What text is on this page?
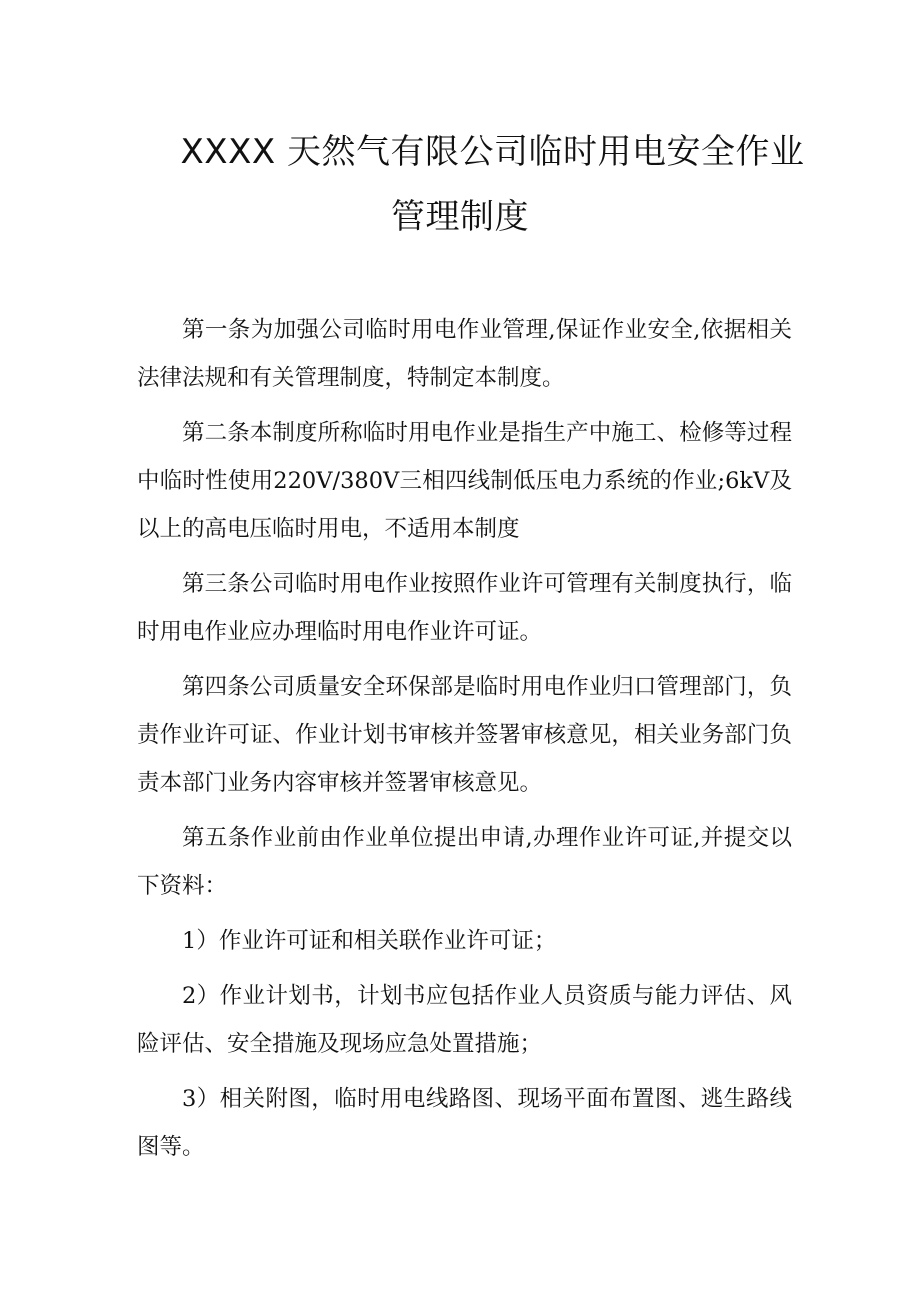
XXXX 天然气有限公司临时用电安全作业
管理制度

第一条为加强公司临时用电作业管理,保证作业安全,依据相关法律法规和有关管理制度，特制定本制度。

第二条本制度所称临时用电作业是指生产中施工、检修等过程中临时性使用220V/380V三相四线制低压电力系统的作业;6kV及以上的高电压临时用电，不适用本制度

第三条公司临时用电作业按照作业许可管理有关制度执行，临时用电作业应办理临时用电作业许可证。

第四条公司质量安全环保部是临时用电作业归口管理部门，负责作业许可证、作业计划书审核并签署审核意见，相关业务部门负责本部门业务内容审核并签署审核意见。

第五条作业前由作业单位提出申请,办理作业许可证,并提交以下资料：

1）作业许可证和相关联作业许可证；

2）作业计划书，计划书应包括作业人员资质与能力评估、风险评估、安全措施及现场应急处置措施；

3）相关附图，临时用电线路图、现场平面布置图、逃生路线图等。
